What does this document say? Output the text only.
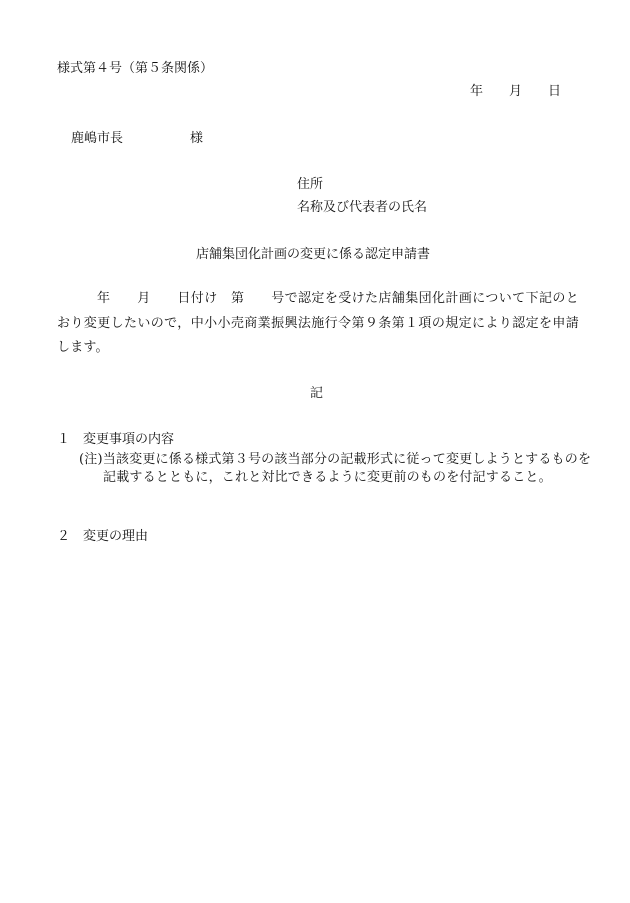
様式第４号（第５条関係）
年　　月　　日
鹿嶋市長	様
住所
名称及び代表者の氏名
店舗集団化計画の変更に係る認定申請書
年　　月　　日付け　第　　号で認定を受けた店舗集団化計画について下記のとおり変更したいので，中小小売商業振興法施行令第９条第１項の規定により認定を申請します。
記
１ 変更事項の内容
(注)当該変更に係る様式第３号の該当部分の記載形式に従って変更しようとするものを記載するとともに，これと対比できるように変更前のものを付記すること。
２ 変更の理由
